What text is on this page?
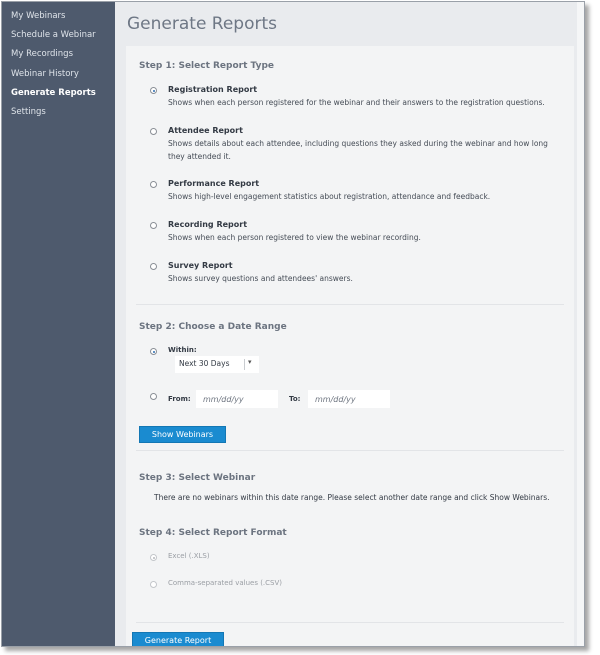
My Webinars
Schedule a Webinar
My Recordings
Webinar History
Generate Reports
Settings
Generate Reports
Step 1: Select Report Type
Registration Report
Shows when each person registered for the webinar and their answers to the registration questions.
Attendee Report
Shows details about each attendee, including questions they asked during the webinar and how long they attended it.
Performance Report
Shows high-level engagement statistics about registration, attendance and feedback.
Recording Report
Shows when each person registered to view the webinar recording.
Survey Report
Shows survey questions and attendees' answers.
Step 2: Choose a Date Range
Within:
Next 30 Days	▾
From:
mm/dd/yy	To:
mm/dd/yy
Show Webinars
Step 3: Select Webinar
There are no webinars within this date range. Please select another date range and click Show Webinars.
Step 4: Select Report Format
Excel (.XLS)
Comma-separated values (.CSV)
Generate Report
